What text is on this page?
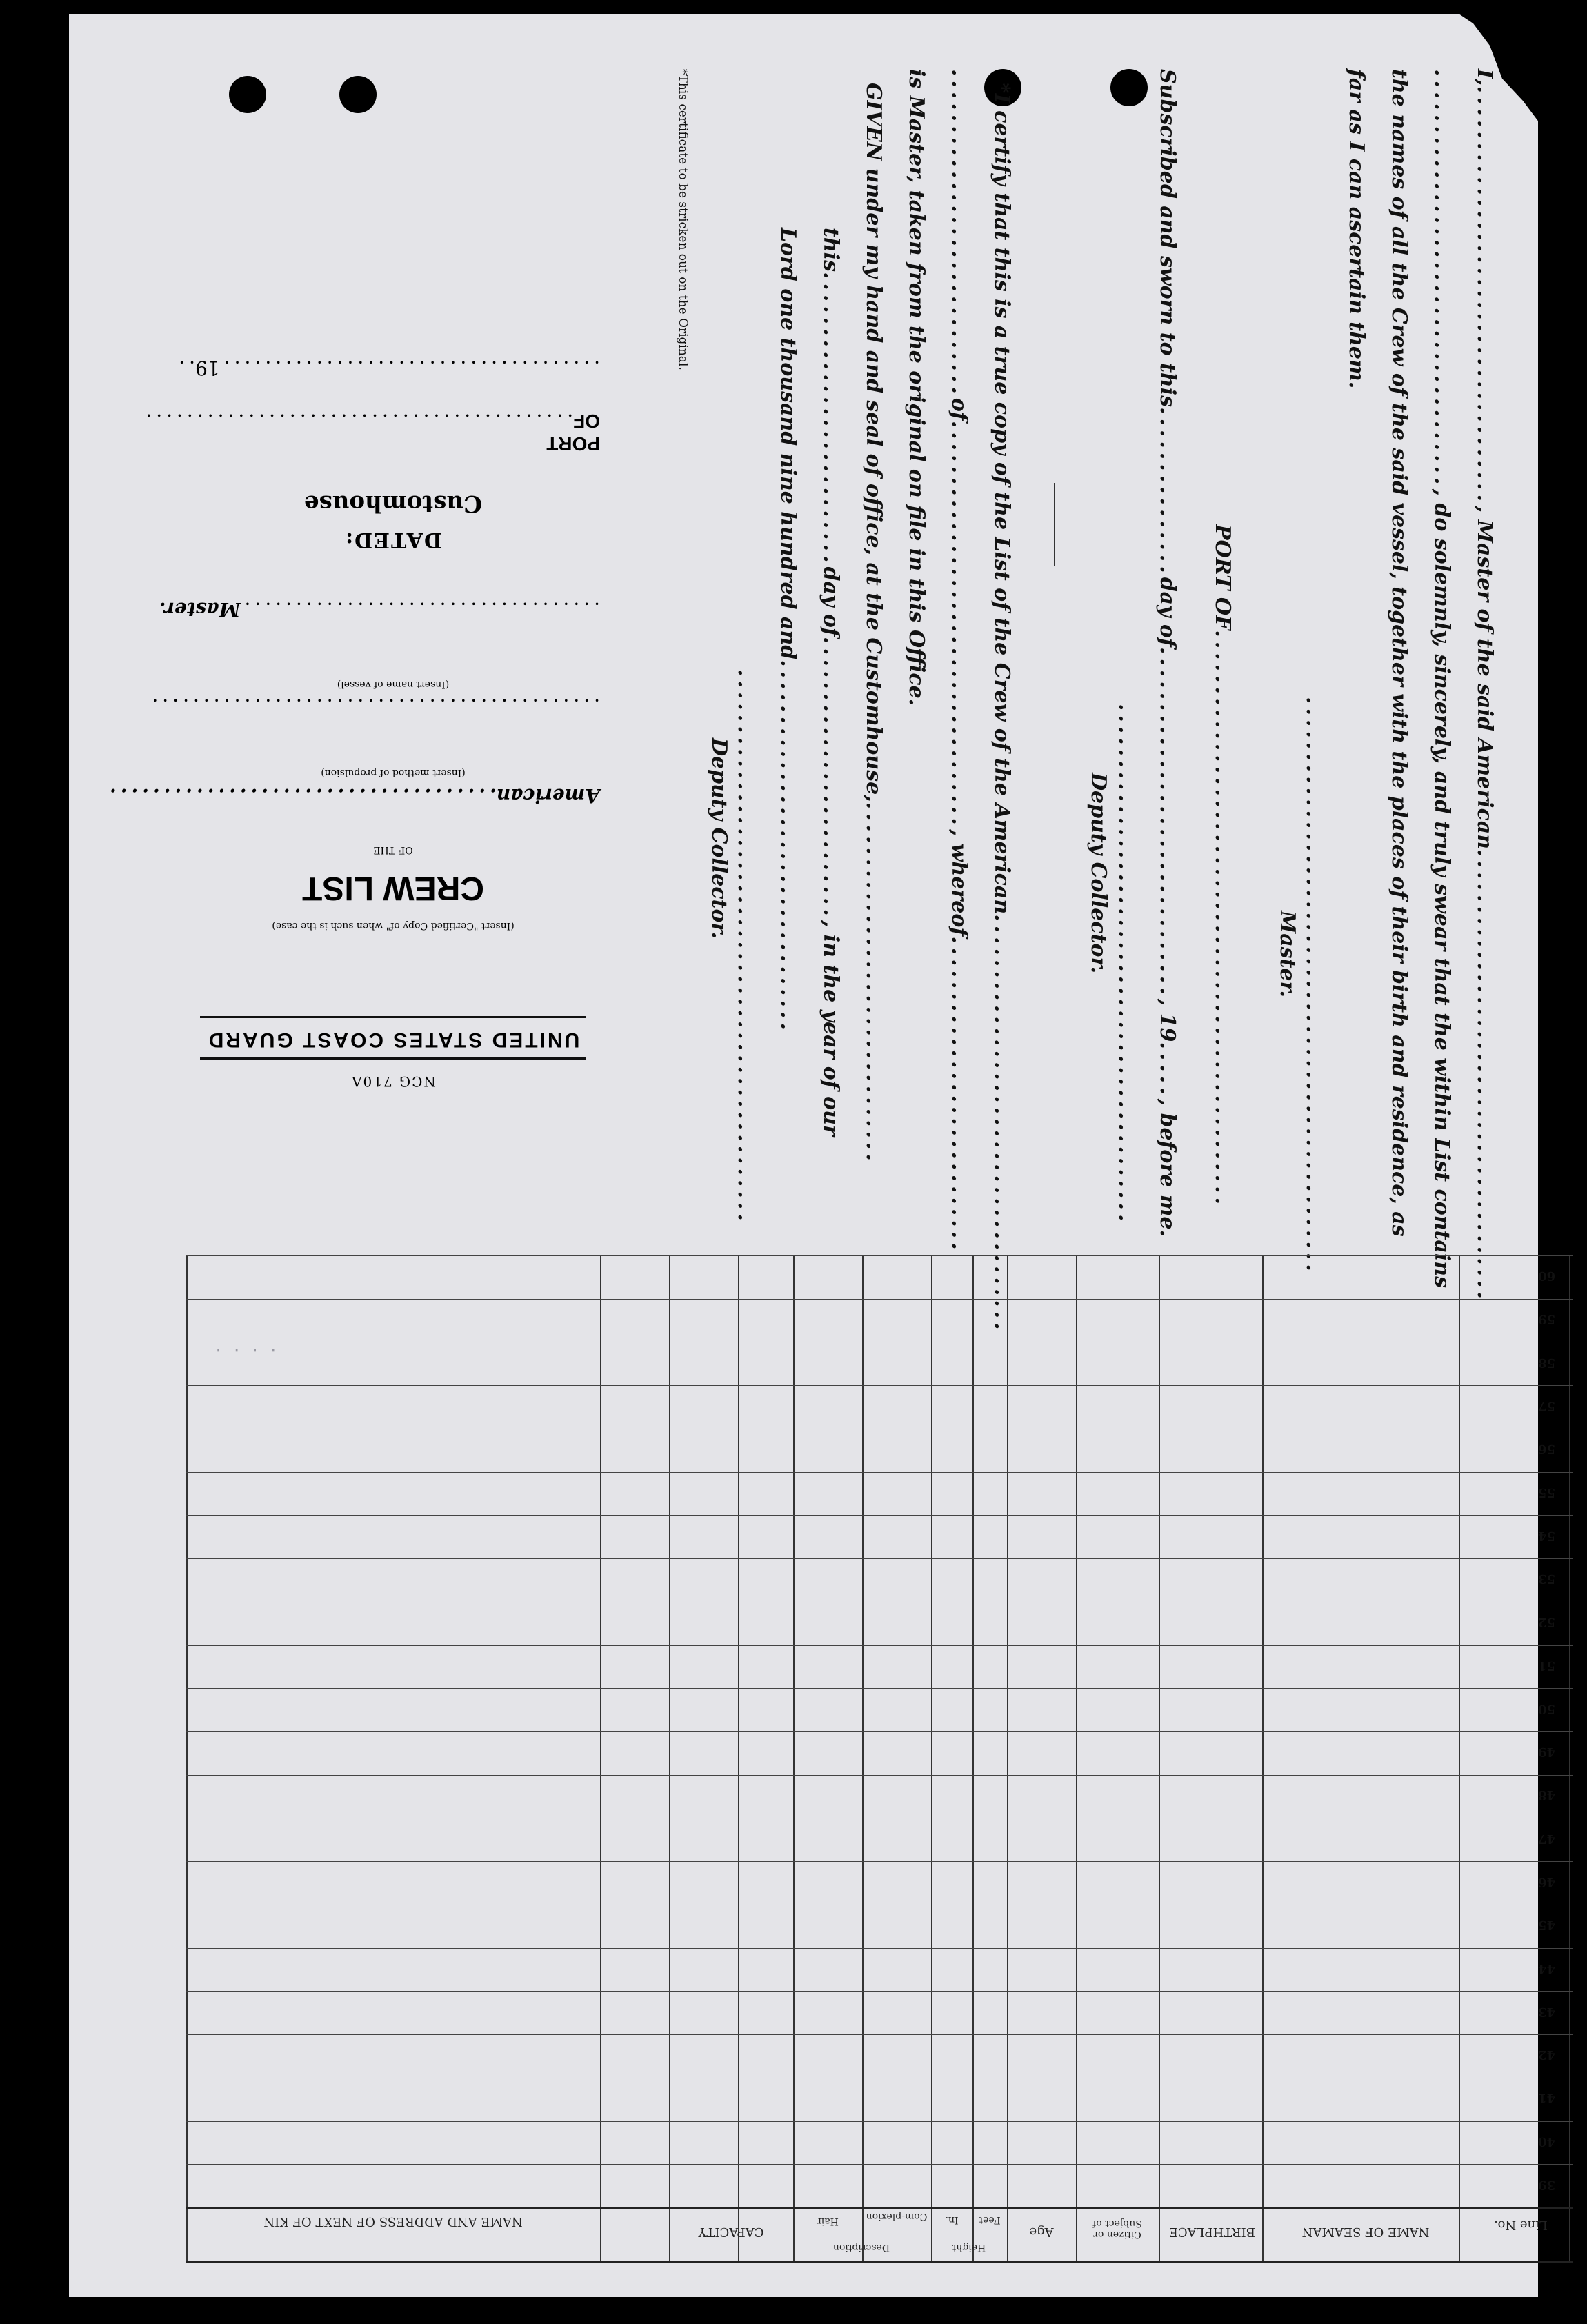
I,....................................., Master of the said American........................................
....................................., do solemnly, sincerely, and truly swear that the within List contains
the names of all the Crew of the said vessel, together with the places of their birth and residence, as
far as I can ascertain them.
...................................................
Master.
PORT OF...................................................
Subscribed and sworn to this...............day of..............................., 19....., before me.
..............................................
Deputy Collector.
*I certify that this is a true copy of the List of the Crew of the American.....................................
.............................of...................................., whereof............................
is Master, taken from the original on file in this Office.
GIVEN under my hand and seal of office, at the Customhouse,................................
this..........................day of........................., in the year of our
Lord one thousand nine hundred and.................................
.................................................
Deputy Collector.
*This certificate to be stricken out on the Original.
NCG 710A
UNITED STATES COAST GUARD
(Insert "Certified Copy of" when such is the case)
CREW LIST
OF THE
American....................................
(Insert method of propulsion)
............................................
(Insert name of vessel)
...................................Master.
DATED:
Customhouse
PORT OF..........................................
.....................................19..
Line No.
NAME OF SEAMAN
BIRTHPLACE
Citizen or Subject of
Age
Height
Feet
In.
Description
Com-plexion
Hair
CAPACITY
NAME AND ADDRESS OF NEXT OF KIN
39
40
41
42
43
44
45
46
47
48
49
50
51
52
53
54
55
56
57
58
59
60
. . . .
